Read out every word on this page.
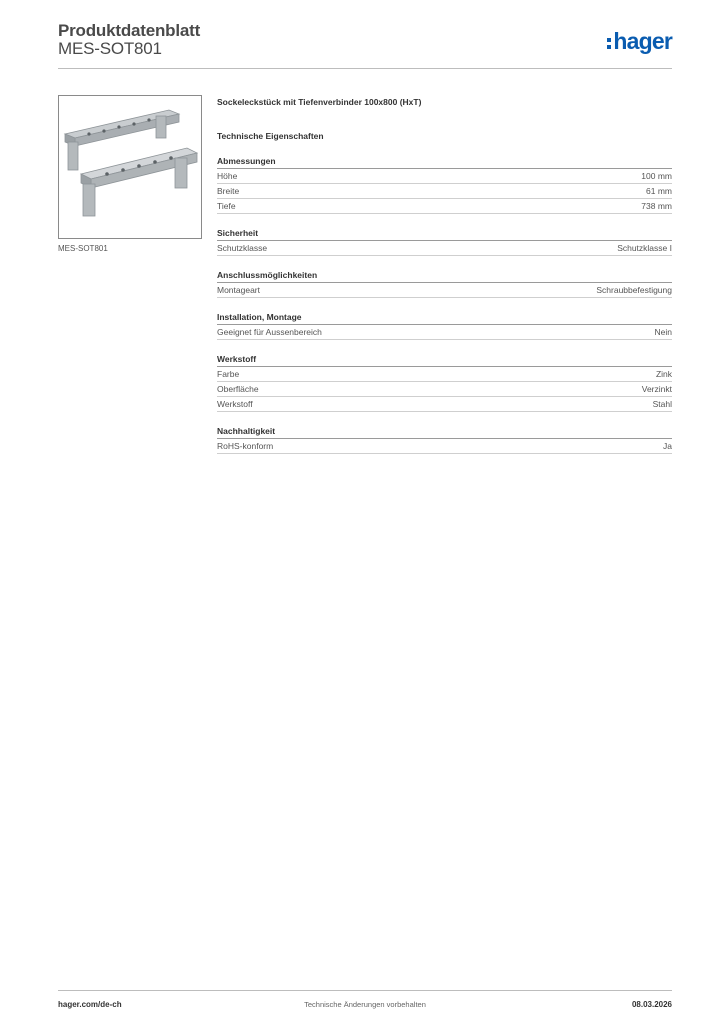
Produktdatenblatt
MES-SOT801	hager
MES-SOT801
Sockeleckstück mit Tiefenverbinder 100x800 (HxT)
Technische Eigenschaften
Abmessungen
Höhe	100 mm
Breite	61 mm
Tiefe	738 mm
Sicherheit
Schutzklasse	Schutzklasse I
Anschlussmöglichkeiten
Montageart	Schraubbefestigung
Installation, Montage
Geeignet für Aussenbereich	Nein
Werkstoff
Farbe	Zink
Oberfläche	Verzinkt
Werkstoff	Stahl
Nachhaltigkeit
RoHS-konform	Ja
Technische Änderungen vorbehalten
hager.com/de-ch	08.03.2026
